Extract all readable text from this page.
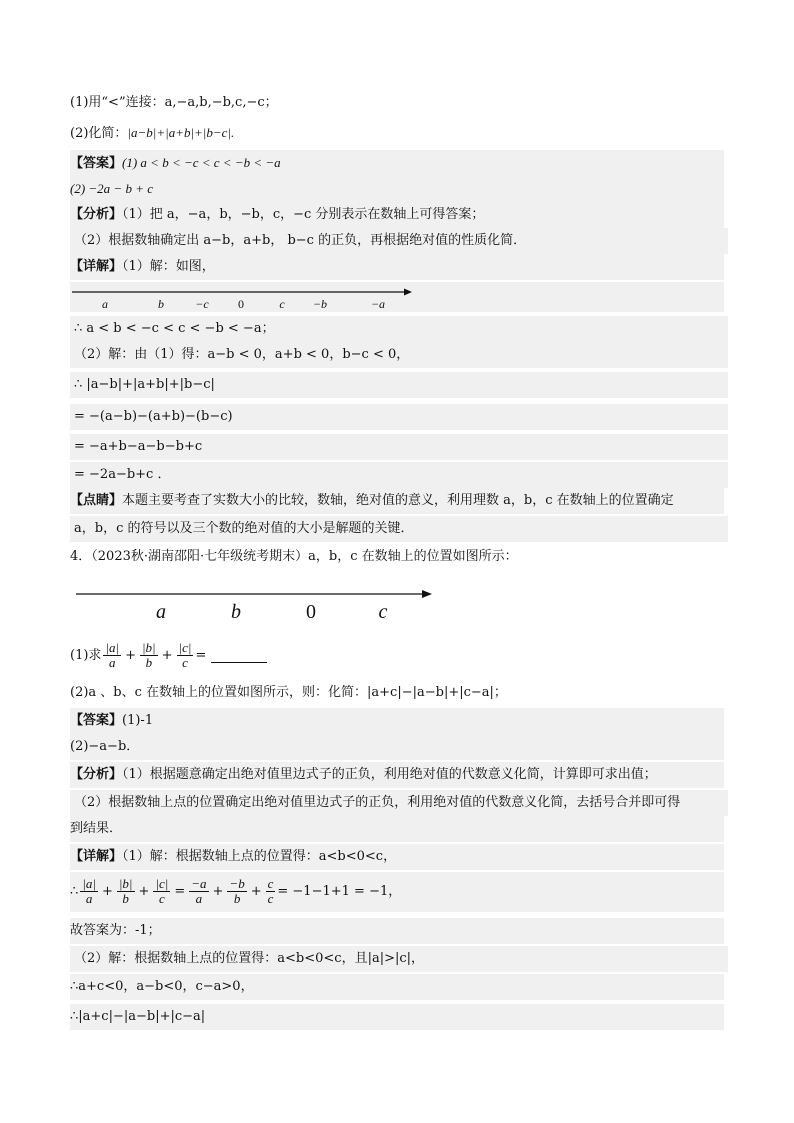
(1)用“<”连接：a,−a,b,−b,c,−c；
(2)化简：|a−b|+|a+b|+|b−c|.
【答案】(1) a < b < −c < c < −b < −a
(2) −2a − b + c
【分析】（1）把 a，−a，b，−b，c，−c 分别表示在数轴上可得答案；
（2）根据数轴确定出 a−b，a+b， b−c 的正负，再根据绝对值的性质化简．
【详解】（1）解：如图，
a	b	−c 0	c −b	−a
∴ a < b < −c < c < −b < −a；
（2）解：由（1）得：a−b < 0，a+b < 0，b−c < 0，
∴ |a−b|+|a+b|+|b−c|
= −(a−b)−(a+b)−(b−c)
= −a+b−a−b−b+c
= −2a−b+c ．
【点睛】本题主要考查了实数大小的比较，数轴，绝对值的意义，利用理数 a，b，c 在数轴上的位置确定
a，b，c 的符号以及三个数的绝对值的大小是解题的关键．
4．（2023秋·湖南邵阳·七年级统考期末）a，b，c 在数轴上的位置如图所示：
a	b	0	c
(1)求 $\frac{|a|}{a} + \frac{|b|}{b} + \frac{|c|}{c}$ =
(2)a 、b、c 在数轴上的位置如图所示，则：化简：|a+c|−|a−b|+|c−a|；
【答案】(1)-1
(2)−a−b．
【分析】（1）根据题意确定出绝对值里边式子的正负，利用绝对值的代数意义化简，计算即可求出值；
（2）根据数轴上点的位置确定出绝对值里边式子的正负，利用绝对值的代数意义化简，去括号合并即可得
到结果．
【详解】（1）解：根据数轴上点的位置得：a<b<0<c，
∴ $\frac{|a|}{a} + \frac{|b|}{b} + \frac{|c|}{c} = \frac{-a}{a} + \frac{-b}{b} + \frac{c}{c} = -1-1+1 = -1$，
故答案为：-1；
（2）解：根据数轴上点的位置得：a<b<0<c，且|a|>|c|，
∴a+c<0，a−b<0，c−a>0，
∴|a+c|−|a−b|+|c−a|
